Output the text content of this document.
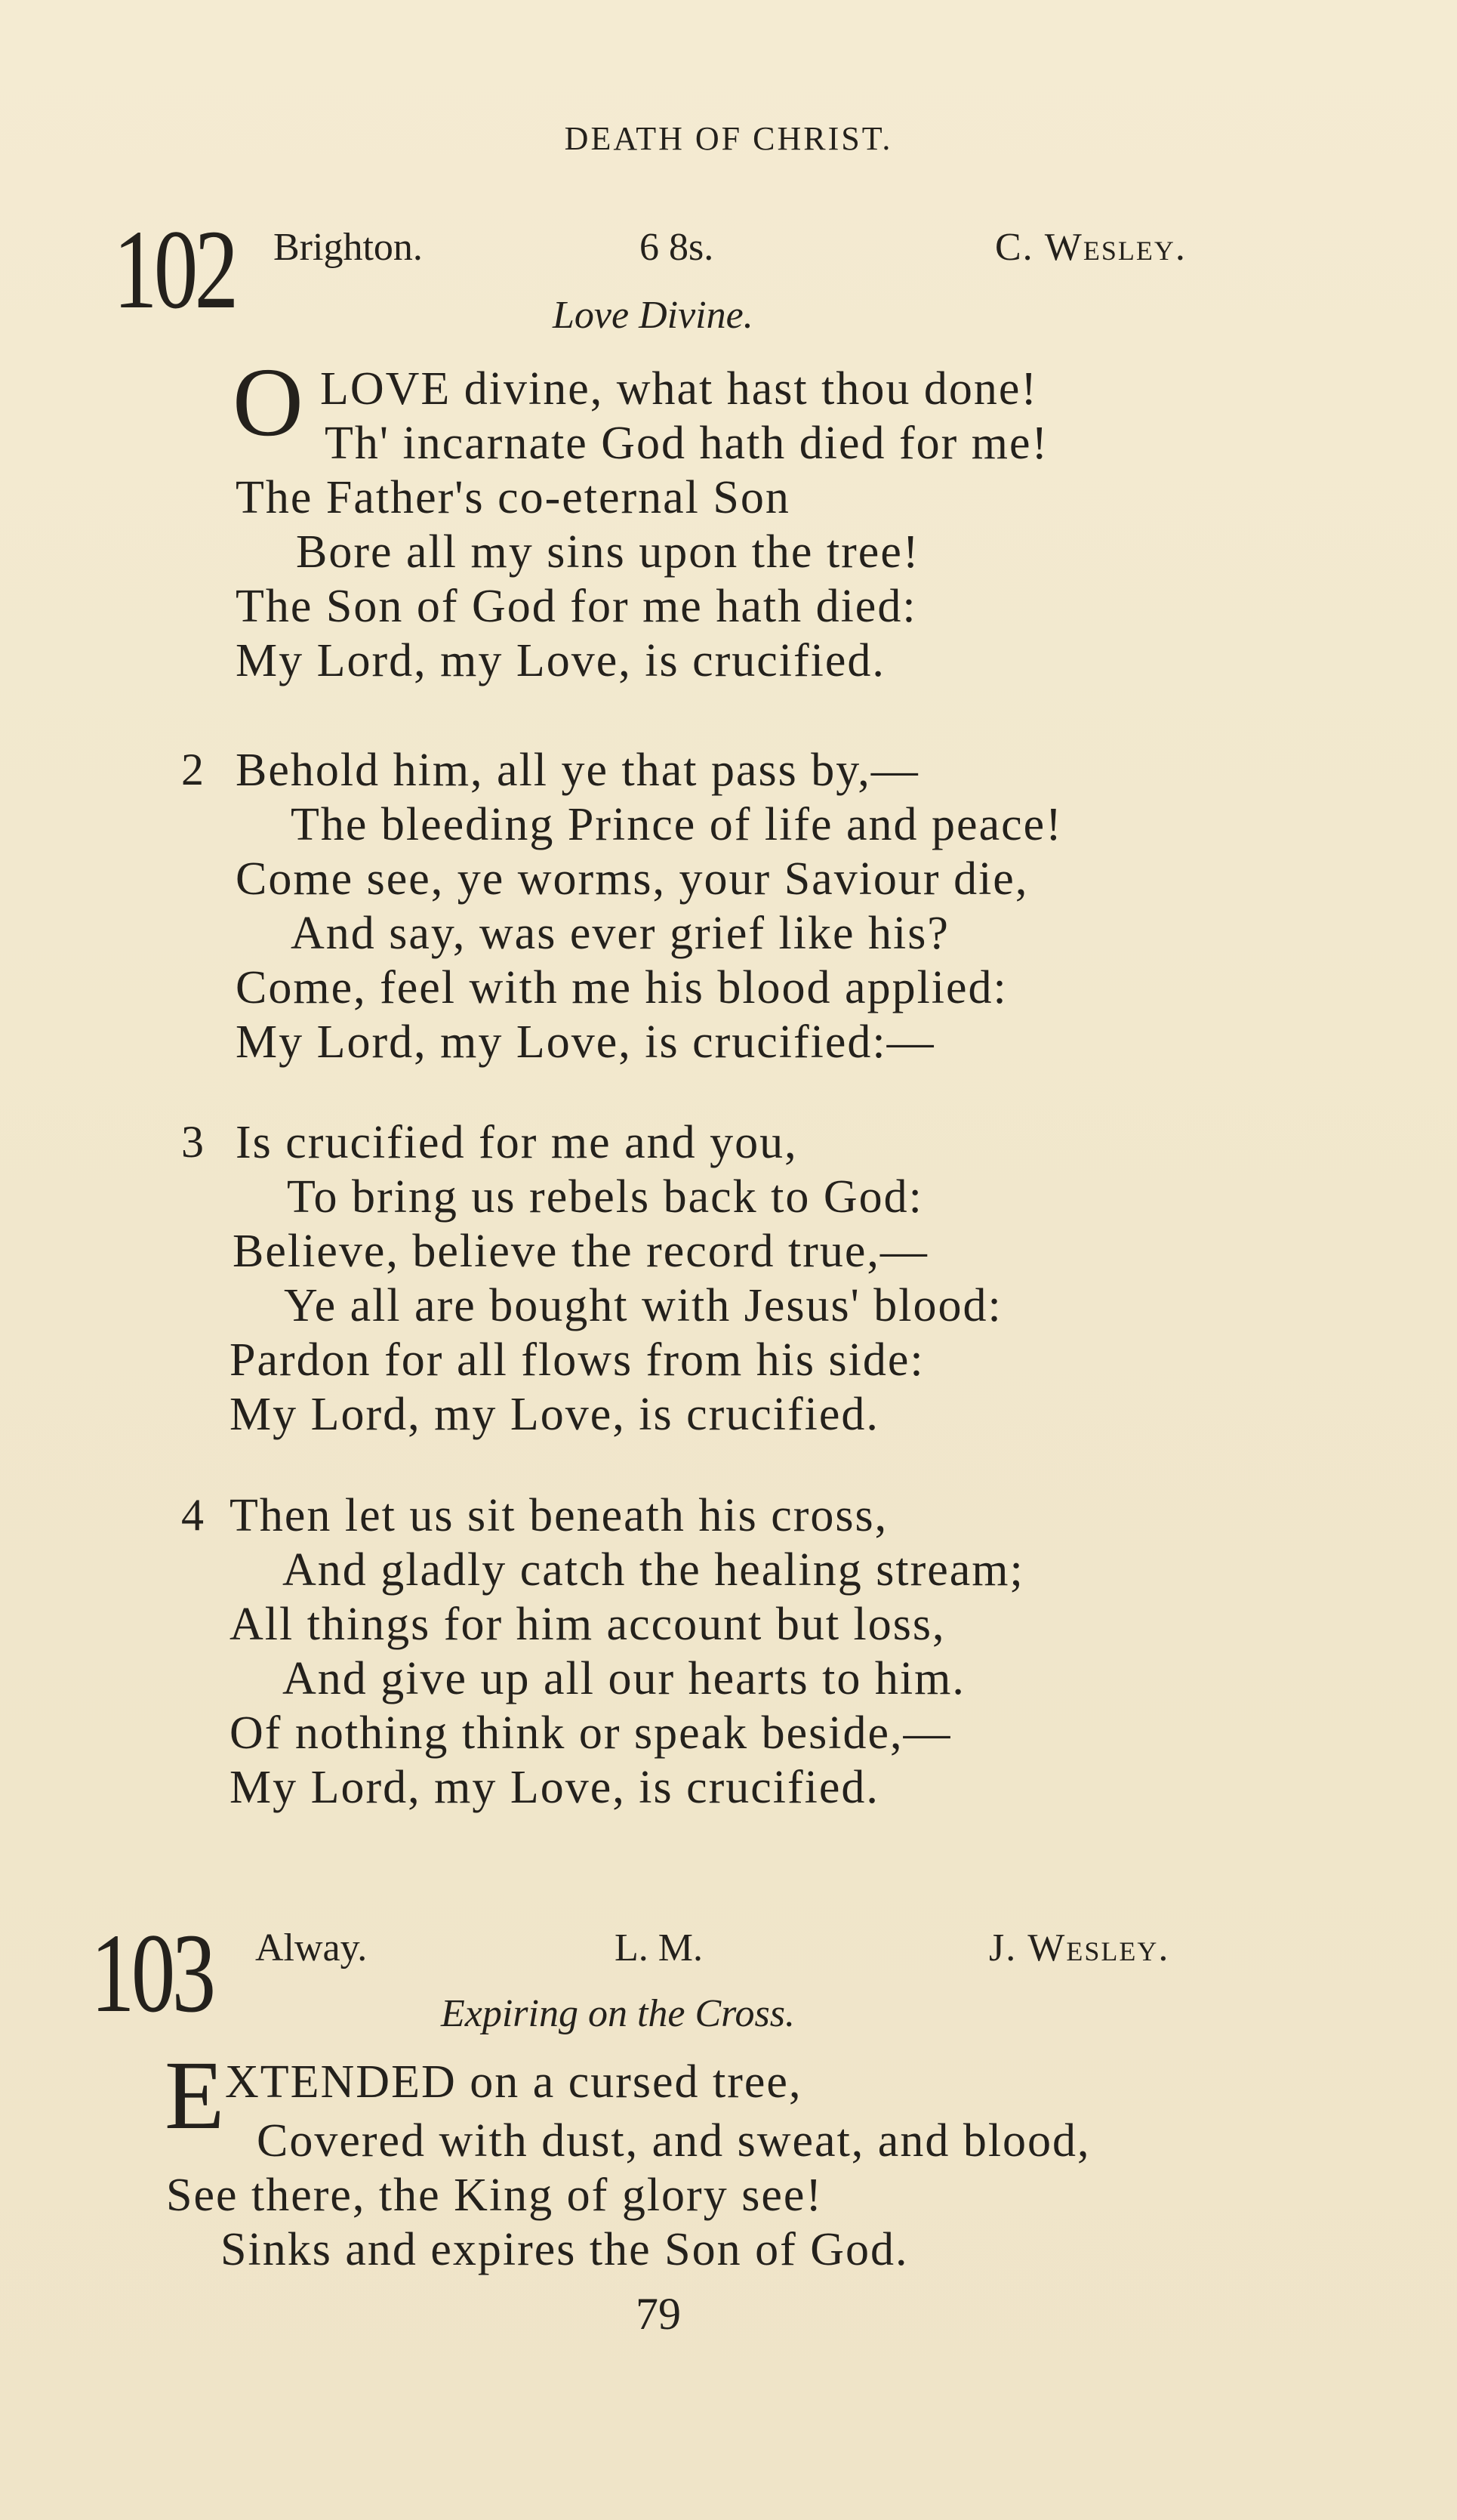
DEATH OF CHRIST.
102 Brighton.	6 8s.	C. Wesley.
Love Divine.
O LOVE divine, what hast thou done!
Th' incarnate God hath died for me!
The Father's co-eternal Son
Bore all my sins upon the tree!
The Son of God for me hath died:
My Lord, my Love, is crucified.
2 Behold him, all ye that pass by,—
The bleeding Prince of life and peace!
Come see, ye worms, your Saviour die,
And say, was ever grief like his?
Come, feel with me his blood applied:
My Lord, my Love, is crucified:—
3 Is crucified for me and you,
To bring us rebels back to God:
Believe, believe the record true,—
Ye all are bought with Jesus' blood:
Pardon for all flows from his side:
My Lord, my Love, is crucified.
4 Then let us sit beneath his cross,
And gladly catch the healing stream;
All things for him account but loss,
And give up all our hearts to him.
Of nothing think or speak beside,—
My Lord, my Love, is crucified.
103 Alway.	L. M.	J. Wesley.
Expiring on the Cross.
E XTENDED on a cursed tree,
Covered with dust, and sweat, and blood,
See there, the King of glory see!
Sinks and expires the Son of God.
79
